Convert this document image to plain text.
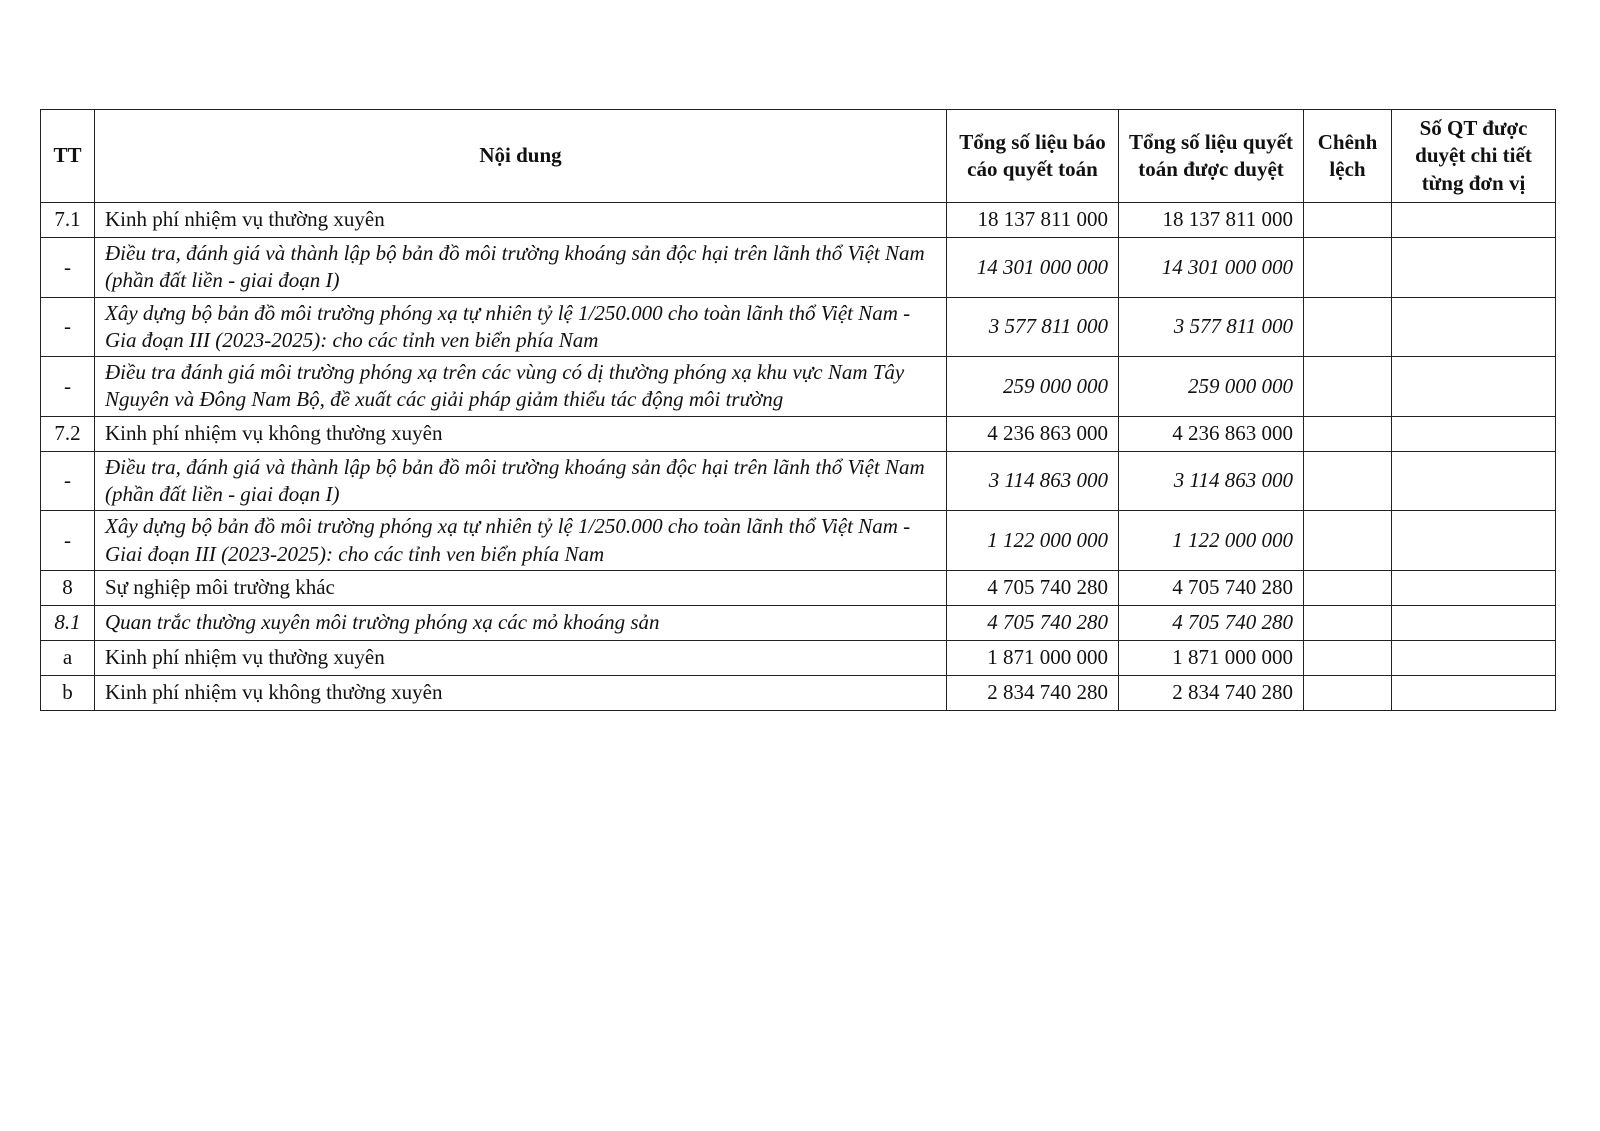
TT	Nội dung	Tổng số liệu báo cáo quyết toán	Tổng số liệu quyết toán được duyệt	Chênh lệch	Số QT được duyệt chi tiết từng đơn vị
7.1	Kinh phí nhiệm vụ thường xuyên	18 137 811 000	18 137 811 000		
-	Điều tra, đánh giá và thành lập bộ bản đồ môi trường khoáng sản độc hại trên lãnh thổ Việt Nam (phần đất liền - giai đoạn I)	14 301 000 000	14 301 000 000		
-	Xây dựng bộ bản đồ môi trường phóng xạ tự nhiên tỷ lệ 1/250.000 cho toàn lãnh thổ Việt Nam - Gia đoạn III (2023-2025): cho các tỉnh ven biển phía Nam	3 577 811 000	3 577 811 000		
-	Điều tra đánh giá môi trường phóng xạ trên các vùng có dị thường phóng xạ khu vực Nam Tây Nguyên và Đông Nam Bộ, đề xuất các giải pháp giảm thiểu tác động môi trường	259 000 000	259 000 000		
7.2	Kinh phí nhiệm vụ không thường xuyên	4 236 863 000	4 236 863 000		
-	Điều tra, đánh giá và thành lập bộ bản đồ môi trường khoáng sản độc hại trên lãnh thổ Việt Nam (phần đất liền - giai đoạn I)	3 114 863 000	3 114 863 000		
-	Xây dựng bộ bản đồ môi trường phóng xạ tự nhiên tỷ lệ 1/250.000 cho toàn lãnh thổ Việt Nam - Giai đoạn III (2023-2025): cho các tỉnh ven biển phía Nam	1 122 000 000	1 122 000 000		
8	Sự nghiệp môi trường khác	4 705 740 280	4 705 740 280		
8.1	Quan trắc thường xuyên môi trường phóng xạ các mỏ khoáng sản	4 705 740 280	4 705 740 280		
a	Kinh phí nhiệm vụ thường xuyên	1 871 000 000	1 871 000 000		
b	Kinh phí nhiệm vụ không thường xuyên	2 834 740 280	2 834 740 280		
